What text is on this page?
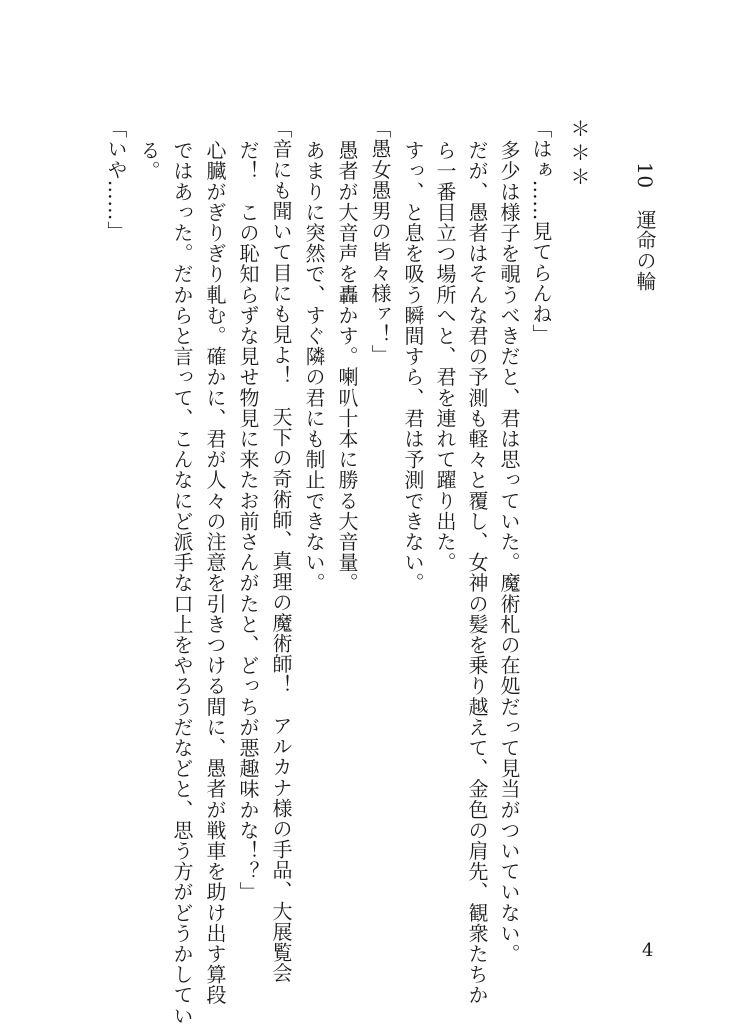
10　運命の輪
＊＊＊
「はぁ……見てらんね」
多少は様子を覗うべきだと、君は思っていた。魔術札の在処だって見当がついていない。
だが、愚者はそんな君の予測も軽々と覆し、女神の髪を乗り越えて、金色の肩先、観衆たちか
ら一番目立つ場所へと、君を連れて躍り出た。
すっ、と息を吸う瞬間すら、君は予測できない。
「愚女愚男の皆々様ァ！」
愚者が大音声を轟かす。喇叭十本に勝る大音量。
あまりに突然で、すぐ隣の君にも制止できない。
「音にも聞いて目にも見よ！　天下の奇術師、真理の魔術師！　アルカナ様の手品、大展覧会
だ！　この恥知らずな見せ物見に来たお前さんがたと、どっちが悪趣味かな！？」
心臓がぎりぎり軋む。確かに、君が人々の注意を引きつける間に、愚者が戦車を助け出す算段
ではあった。だからと言って、こんなにど派手な口上をやろうだなどと、思う方がどうかしてい
る。
「いや……」
4
